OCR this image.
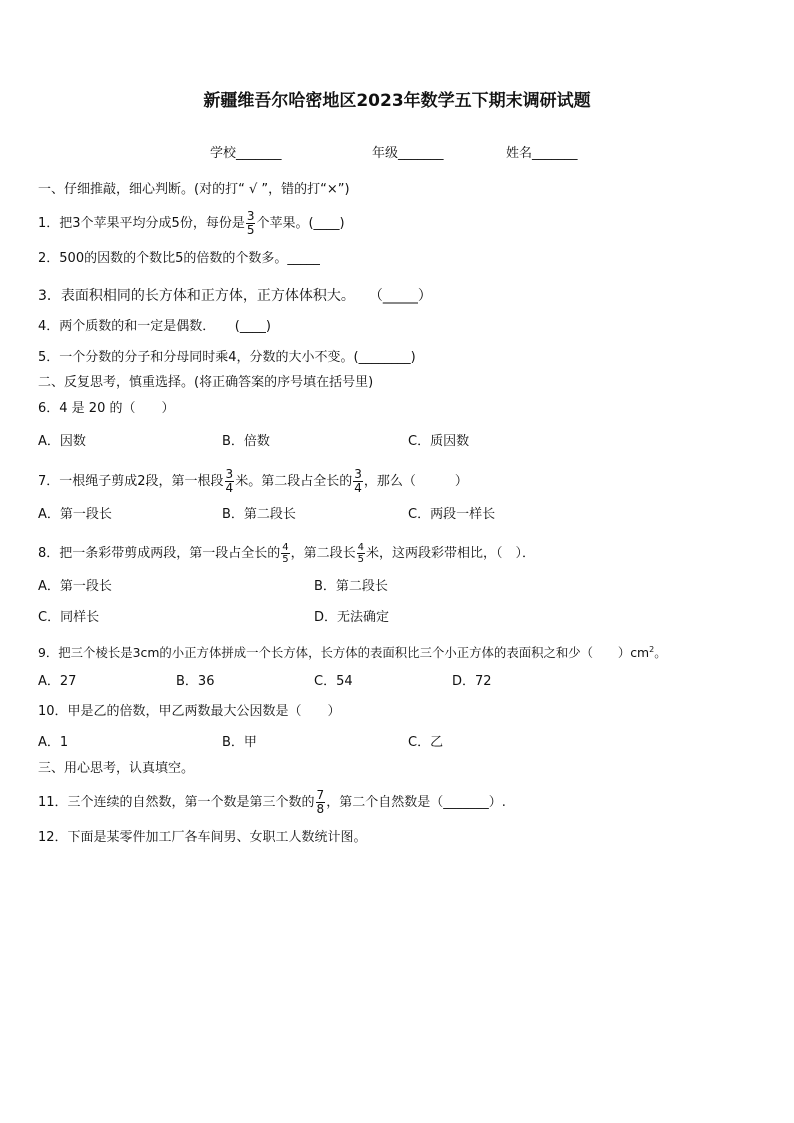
新疆维吾尔哈密地区2023年数学五下期末调研试题
学校_______	年级_______	姓名_______
一、仔细推敲，细心判断。(对的打“ √ ”，错的打“×”)
1．把3个苹果平均分成5份，每份是 $\frac{3}{5}$ 个苹果。(____)
2．500的因数的个数比5的倍数的个数多。_____
3．表面积相同的长方体和正方体，正方体体积大。　　（_____）
4．两个质数的和一定是偶数．　　(____)
5．一个分数的分子和分母同时乘4，分数的大小不变。(________)
二、反复思考，慎重选择。(将正确答案的序号填在括号里)
6．4 是 20 的（　　）
A．因数	B．倍数	C．质因数
7．一根绳子剪成2段，第一根段 $\frac{3}{4}$ 米。第二段占全长的 $\frac{3}{4}$ ，那么（　　　）
A．第一段长	B．第二段长	C．两段一样长
8．把一条彩带剪成两段，第一段占全长的 $\frac{4}{5}$ ，第二段长 $\frac{4}{5}$ 米，这两段彩带相比，（　）．
A．第一段长	B．第二段长
C．同样长	D．无法确定
9．把三个棱长是3cm的小正方体拼成一个长方体，长方体的表面积比三个小正方体的表面积之和少（　　）$cm^2$。
A．27	B．36	C．54	D．72
10．甲是乙的倍数，甲乙两数最大公因数是（　　）
A．1	B．甲	C．乙
三、用心思考，认真填空。
11．三个连续的自然数，第一个数是第三个数的 $\frac{7}{8}$ ，第二个自然数是（_______）.
12．下面是某零件加工厂各车间男、女职工人数统计图。
